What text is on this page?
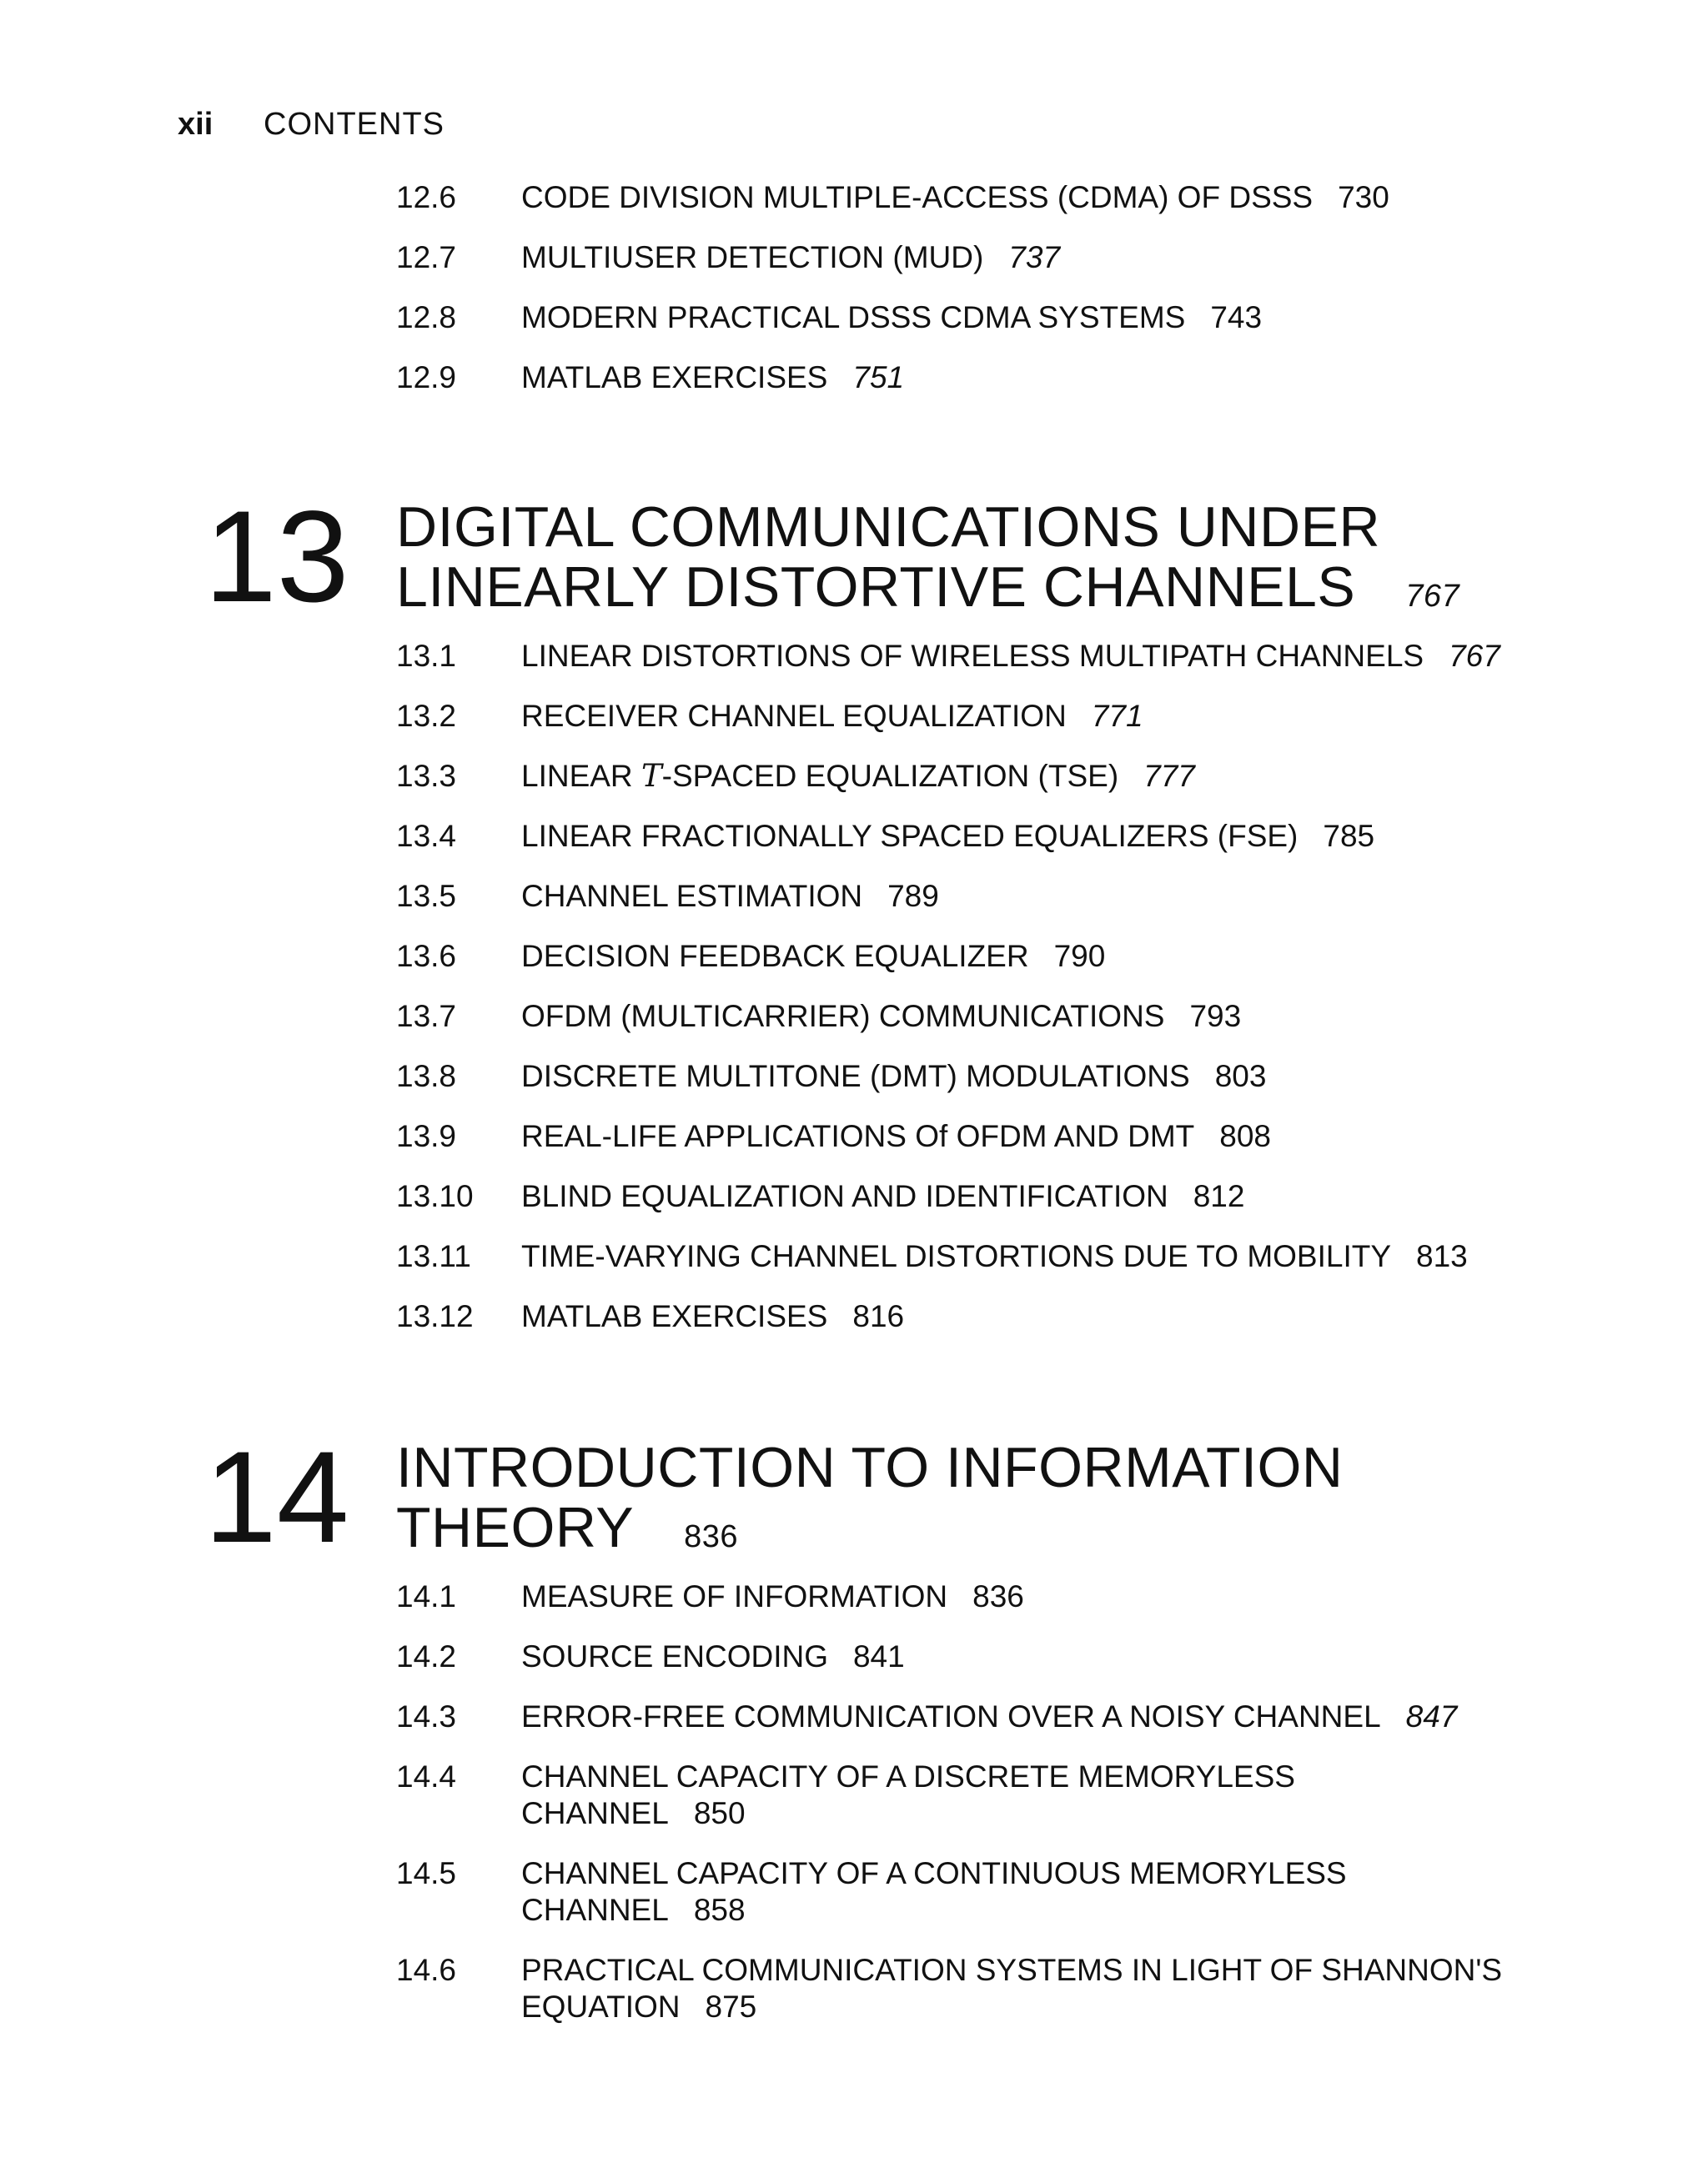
xii CONTENTS
12.6 CODE DIVISION MULTIPLE-ACCESS (CDMA) OF DSSS 730
12.7 MULTIUSER DETECTION (MUD) 737
12.8 MODERN PRACTICAL DSSS CDMA SYSTEMS 743
12.9 MATLAB EXERCISES 751
13 DIGITAL COMMUNICATIONS UNDER
LINEARLY DISTORTIVE CHANNELS 767
13.1 LINEAR DISTORTIONS OF WIRELESS MULTIPATH CHANNELS 767
13.2 RECEIVER CHANNEL EQUALIZATION 771
13.3 LINEAR T-SPACED EQUALIZATION (TSE) 777
13.4 LINEAR FRACTIONALLY SPACED EQUALIZERS (FSE) 785
13.5 CHANNEL ESTIMATION 789
13.6 DECISION FEEDBACK EQUALIZER 790
13.7 OFDM (MULTICARRIER) COMMUNICATIONS 793
13.8 DISCRETE MULTITONE (DMT) MODULATIONS 803
13.9 REAL-LIFE APPLICATIONS Of OFDM AND DMT 808
13.10 BLIND EQUALIZATION AND IDENTIFICATION 812
13.11 TIME-VARYING CHANNEL DISTORTIONS DUE TO MOBILITY 813
13.12 MATLAB EXERCISES 816
14 INTRODUCTION TO INFORMATION
THEORY 836
14.1 MEASURE OF INFORMATION 836
14.2 SOURCE ENCODING 841
14.3 ERROR-FREE COMMUNICATION OVER A NOISY CHANNEL 847
14.4 CHANNEL CAPACITY OF A DISCRETE MEMORYLESS
CHANNEL 850
14.5 CHANNEL CAPACITY OF A CONTINUOUS MEMORYLESS
CHANNEL 858
14.6 PRACTICAL COMMUNICATION SYSTEMS IN LIGHT OF SHANNON'S
EQUATION 875
